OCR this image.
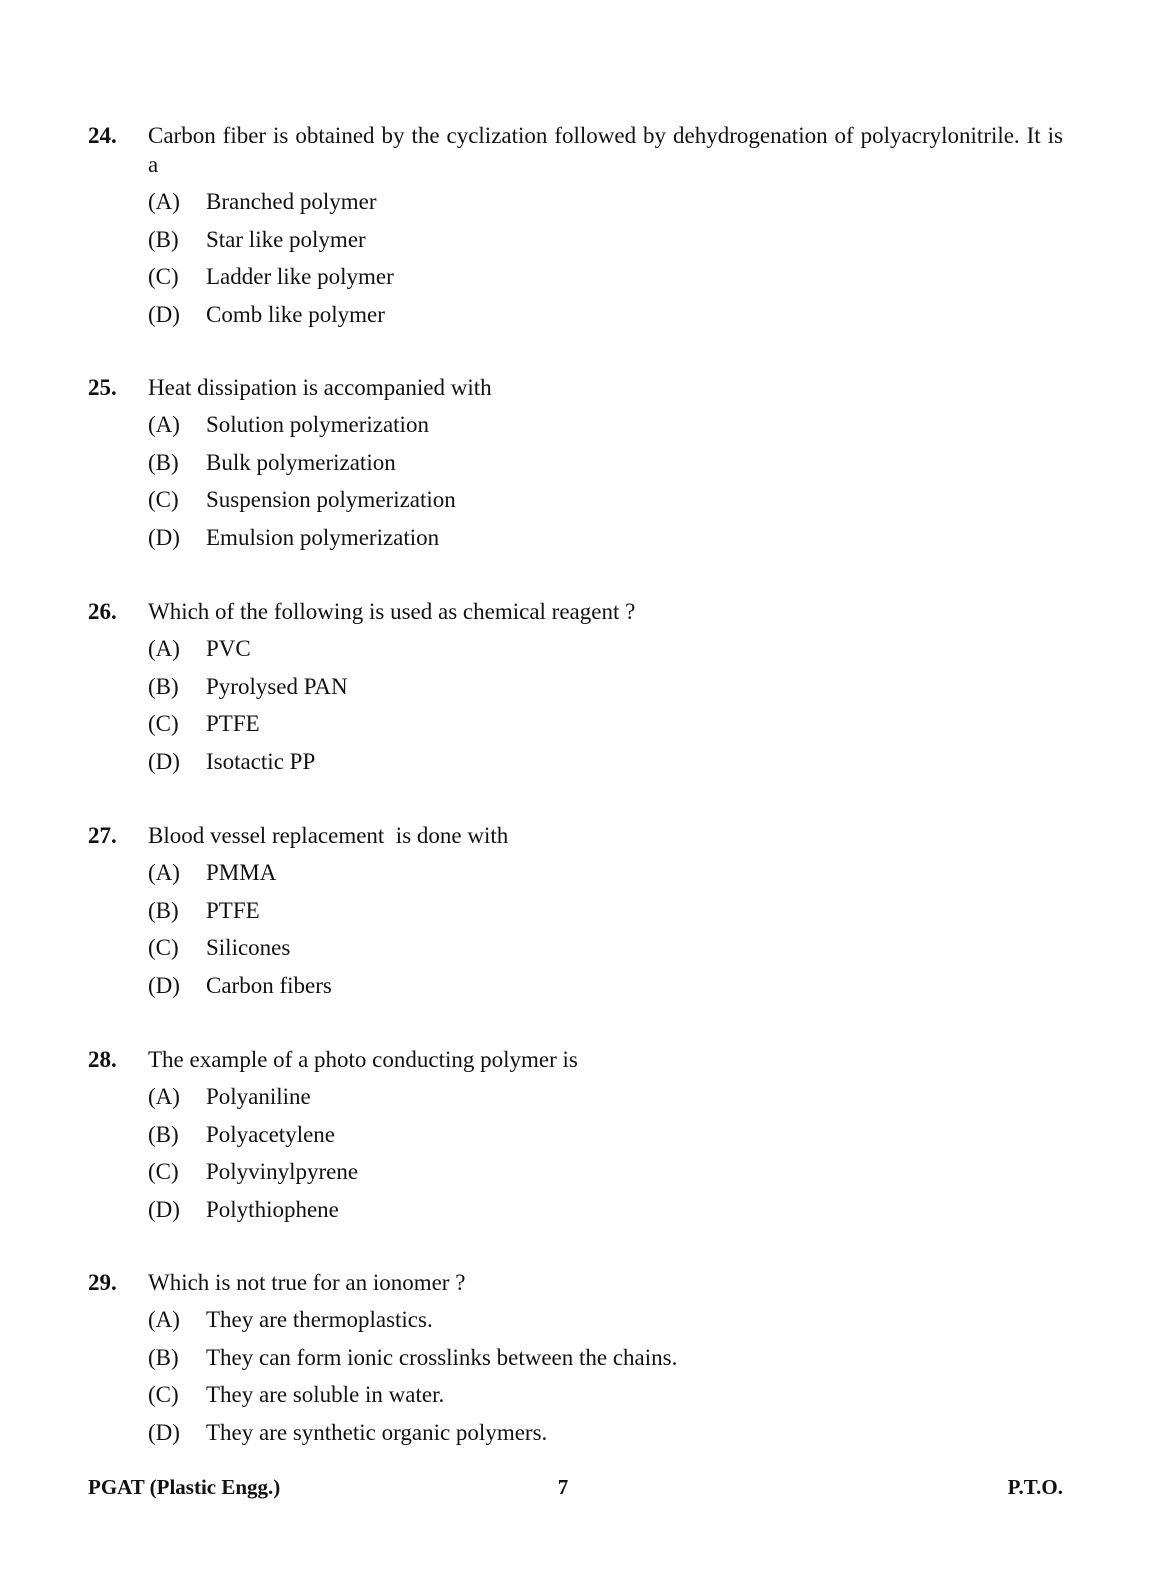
24. Carbon fiber is obtained by the cyclization followed by dehydrogenation of polyacrylonitrile. It is a
(A) Branched polymer
(B) Star like polymer
(C) Ladder like polymer
(D) Comb like polymer
25. Heat dissipation is accompanied with
(A) Solution polymerization
(B) Bulk polymerization
(C) Suspension polymerization
(D) Emulsion polymerization
26. Which of the following is used as chemical reagent ?
(A) PVC
(B) Pyrolysed PAN
(C) PTFE
(D) Isotactic PP
27. Blood vessel replacement  is done with
(A) PMMA
(B) PTFE
(C) Silicones
(D) Carbon fibers
28. The example of a photo conducting polymer is
(A) Polyaniline
(B) Polyacetylene
(C) Polyvinylpyrene
(D) Polythiophene
29. Which is not true for an ionomer ?
(A) They are thermoplastics.
(B) They can form ionic crosslinks between the chains.
(C) They are soluble in water.
(D) They are synthetic organic polymers.
PGAT (Plastic Engg.)	7	P.T.O.
